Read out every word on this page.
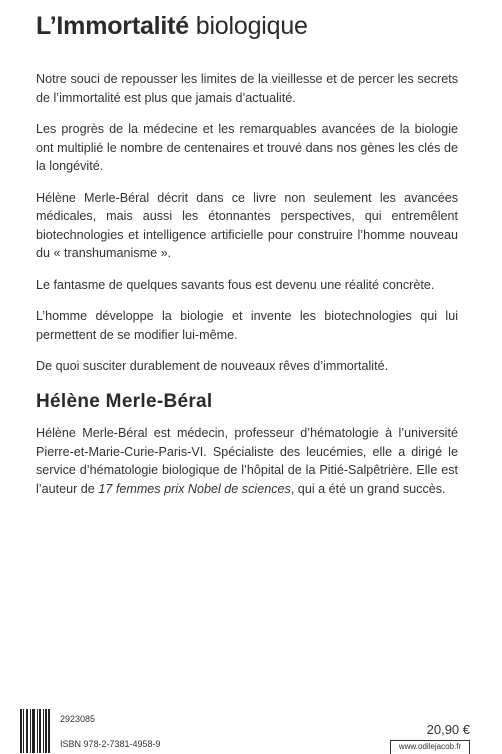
L’Immortalité biologique

Notre souci de repousser les limites de la vieillesse et de percer les secrets de l’immortalité est plus que jamais d’actualité.

Les progrès de la médecine et les remarquables avancées de la biologie ont multiplié le nombre de centenaires et trouvé dans nos gènes les clés de la longévité.

Hélène Merle-Béral décrit dans ce livre non seulement les avancées médicales, mais aussi les étonnantes perspectives, qui entremêlent biotechnologies et intelligence artificielle pour construire l’homme nouveau du « transhumanisme ».

Le fantasme de quelques savants fous est devenu une réalité concrète.

L’homme développe la biologie et invente les biotechnologies qui lui permettent de se modifier lui-même.

De quoi susciter durablement de nouveaux rêves d’immortalité.

Hélène Merle-Béral

Hélène Merle-Béral est médecin, professeur d’hématologie à l’université Pierre-et-Marie-Curie-Paris-VI. Spécialiste des leucémies, elle a dirigé le service d’hématologie biologique de l’hôpital de la Pitié-Salpêtrière. Elle est l’auteur de 17 femmes prix Nobel de sciences, qui a été un grand succès.

2923085
ISBN 978-2-7381-4958-9
20,90 €
www.odilejacob.fr
